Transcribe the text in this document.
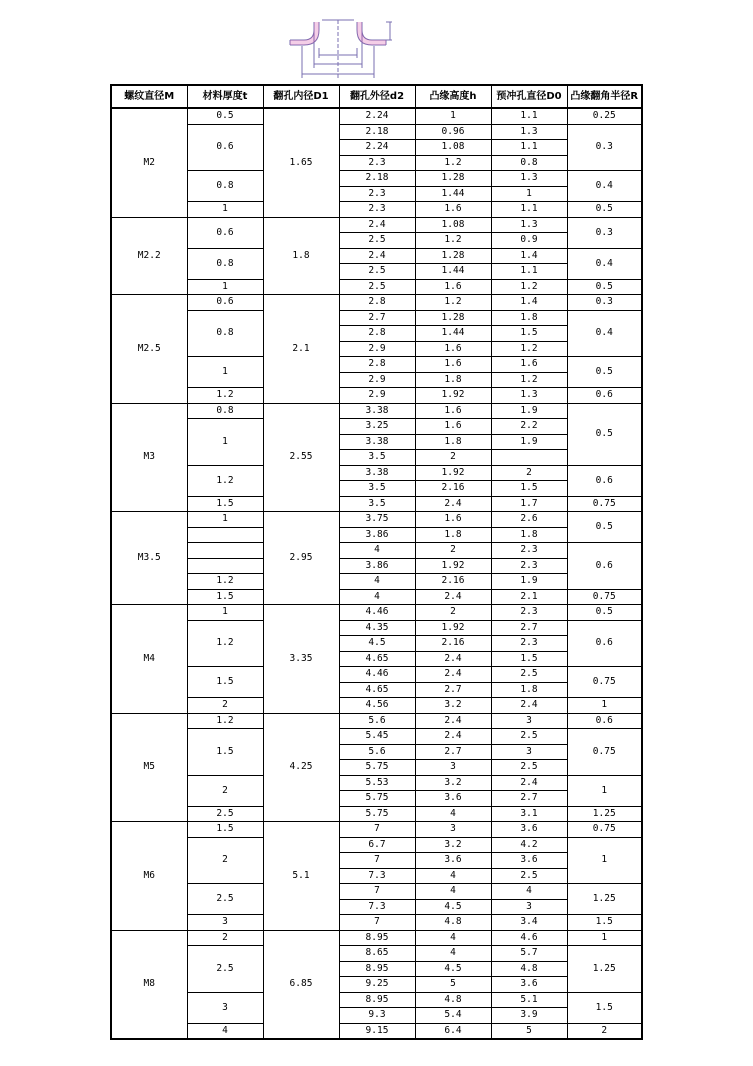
螺纹直径M	材料厚度t	翻孔内径D1	翻孔外径d2	凸缘高度h	预冲孔直径D0	凸缘翻角半径R
M2	0.5	1.65	2.24	1	1.1	0.25
	0.6		2.18	0.96	1.3	0.3
			2.24	1.08	1.1	
			2.3	1.2	0.8	
	0.8		2.18	1.28	1.3	0.4
			2.3	1.44	1	
	1		2.3	1.6	1.1	0.5
M2.2	0.6	1.8	2.4	1.08	1.3	0.3
			2.5	1.2	0.9	
	0.8		2.4	1.28	1.4	0.4
			2.5	1.44	1.1	
	1		2.5	1.6	1.2	0.5
M2.5	0.6	2.1	2.8	1.2	1.4	0.3
	0.8		2.7	1.28	1.8	0.4
			2.8	1.44	1.5	
			2.9	1.6	1.2	
	1		2.8	1.6	1.6	0.5
			2.9	1.8	1.2	
	1.2		2.9	1.92	1.3	0.6
M3	0.8	2.55	3.38	1.6	1.9	0.5
	1		3.25	1.6	2.2	
			3.38	1.8	1.9	
			3.5	2		
	1.2		3.38	1.92	2	0.6
			3.5	2.16	1.5	
	1.5		3.5	2.4	1.7	0.75
M3.5	1	2.95	3.75	1.6	2.6	0.5
			3.86	1.8	1.8	
			4	2	2.3	0.6
			3.86	1.92	2.3	
	1.2		4	2.16	1.9	
	1.5		4	2.4	2.1	0.75
M4	1	3.35	4.46	2	2.3	0.5
	1.2		4.35	1.92	2.7	0.6
			4.5	2.16	2.3	
			4.65	2.4	1.5	
	1.5		4.46	2.4	2.5	0.75
			4.65	2.7	1.8	
	2		4.56	3.2	2.4	1
M5	1.2	4.25	5.6	2.4	3	0.6
	1.5		5.45	2.4	2.5	0.75
			5.6	2.7	3	
			5.75	3	2.5	
	2		5.53	3.2	2.4	1
			5.75	3.6	2.7	
	2.5		5.75	4	3.1	1.25
M6	1.5	5.1	7	3	3.6	0.75
	2		6.7	3.2	4.2	1
			7	3.6	3.6	
			7.3	4	2.5	
	2.5		7	4	4	1.25
			7.3	4.5	3	
	3		7	4.8	3.4	1.5
M8	2	6.85	8.95	4	4.6	1
	2.5		8.65	4	5.7	1.25
			8.95	4.5	4.8	
			9.25	5	3.6	
	3		8.95	4.8	5.1	1.5
			9.3	5.4	3.9	
	4		9.15	6.4	5	2
